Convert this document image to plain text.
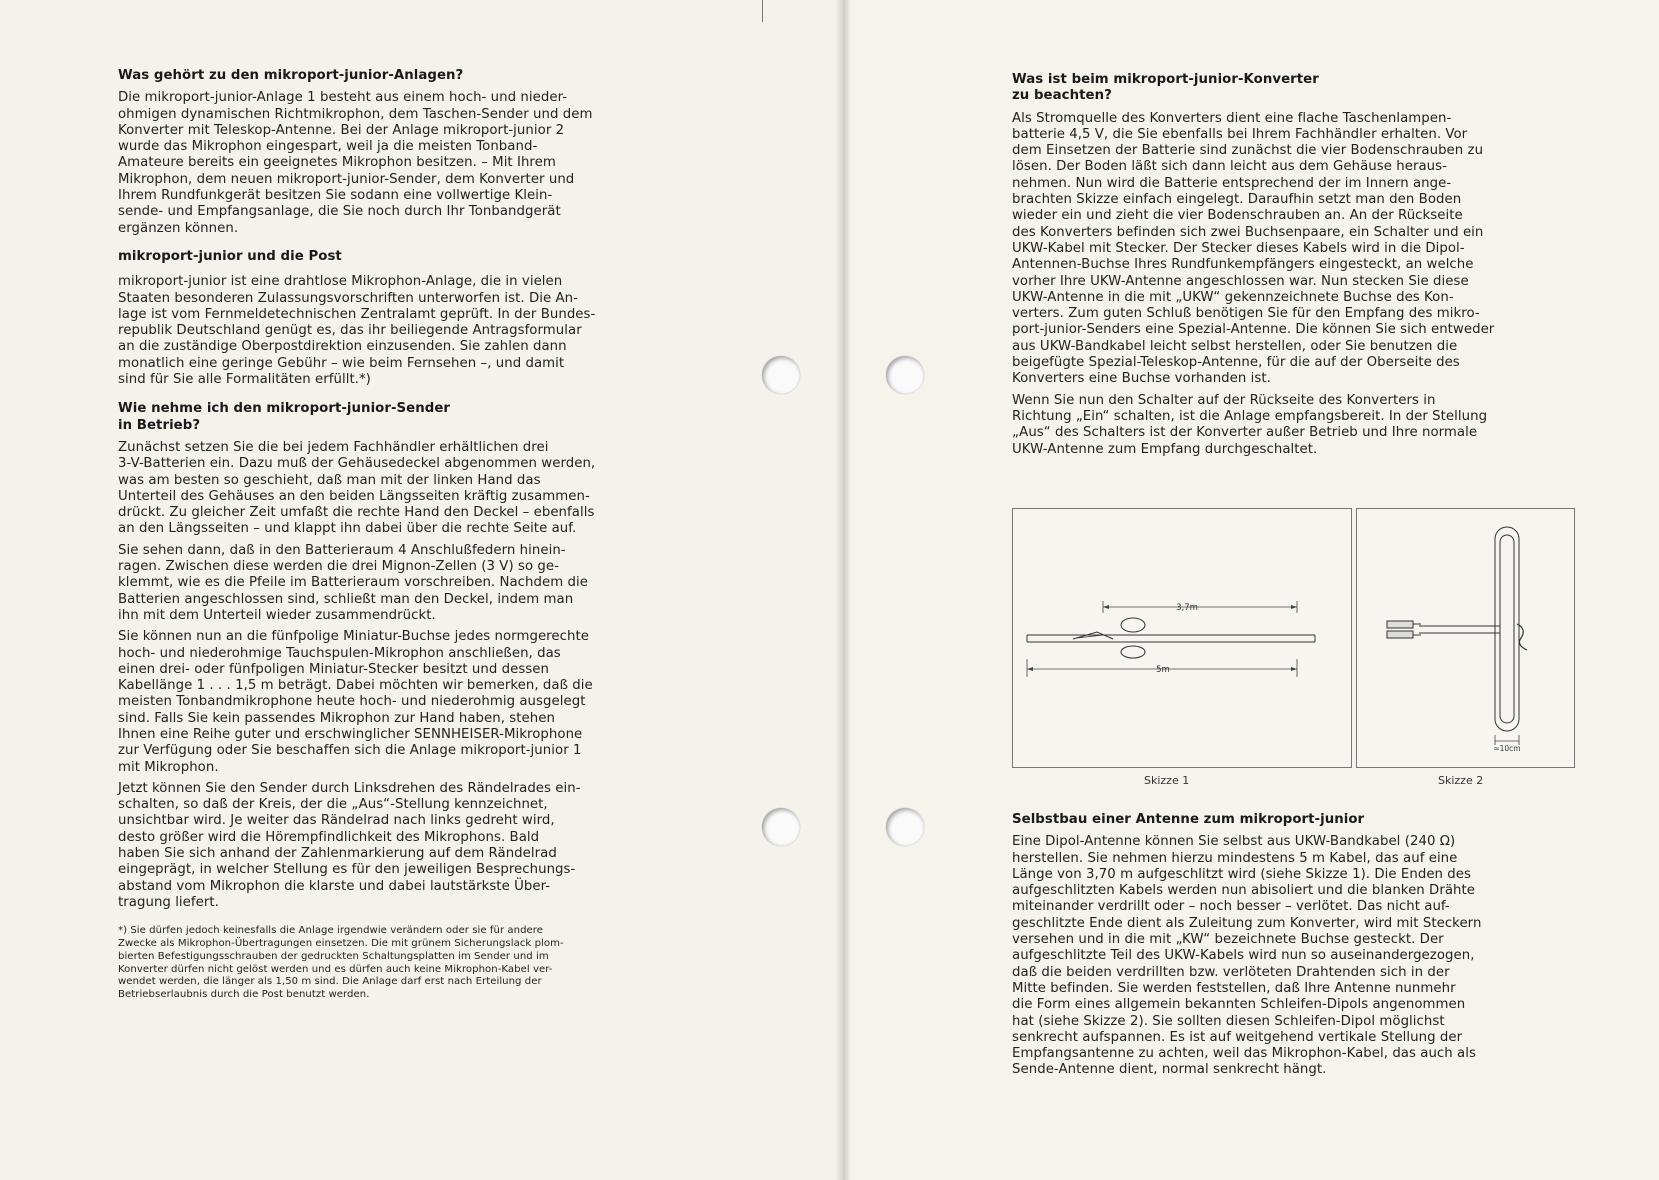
Was gehört zu den mikroport-junior-Anlagen?
Die mikroport-junior-Anlage 1 besteht aus einem hoch- und nieder-
ohmigen dynamischen Richtmikrophon, dem Taschen-Sender und dem
Konverter mit Teleskop-Antenne. Bei der Anlage mikroport-junior 2
wurde das Mikrophon eingespart, weil ja die meisten Tonband-
Amateure bereits ein geeignetes Mikrophon besitzen. – Mit Ihrem
Mikrophon, dem neuen mikroport-junior-Sender, dem Konverter und
Ihrem Rundfunkgerät besitzen Sie sodann eine vollwertige Klein-
sende- und Empfangsanlage, die Sie noch durch Ihr Tonbandgerät
ergänzen können.
mikroport-junior und die Post
mikroport-junior ist eine drahtlose Mikrophon-Anlage, die in vielen
Staaten besonderen Zulassungsvorschriften unterworfen ist. Die An-
lage ist vom Fernmeldetechnischen Zentralamt geprüft. In der Bundes-
republik Deutschland genügt es, das ihr beiliegende Antragsformular
an die zuständige Oberpostdirektion einzusenden. Sie zahlen dann
monatlich eine geringe Gebühr – wie beim Fernsehen –, und damit
sind für Sie alle Formalitäten erfüllt.*)
Wie nehme ich den mikroport-junior-Sender
in Betrieb?
Zunächst setzen Sie die bei jedem Fachhändler erhältlichen drei
3-V-Batterien ein. Dazu muß der Gehäusedeckel abgenommen werden,
was am besten so geschieht, daß man mit der linken Hand das
Unterteil des Gehäuses an den beiden Längsseiten kräftig zusammen-
drückt. Zu gleicher Zeit umfaßt die rechte Hand den Deckel – ebenfalls
an den Längsseiten – und klappt ihn dabei über die rechte Seite auf.
Sie sehen dann, daß in den Batterieraum 4 Anschlußfedern hinein-
ragen. Zwischen diese werden die drei Mignon-Zellen (3 V) so ge-
klemmt, wie es die Pfeile im Batterieraum vorschreiben. Nachdem die
Batterien angeschlossen sind, schließt man den Deckel, indem man
ihn mit dem Unterteil wieder zusammendrückt.
Sie können nun an die fünfpolige Miniatur-Buchse jedes normgerechte
hoch- und niederohmige Tauchspulen-Mikrophon anschließen, das
einen drei- oder fünfpoligen Miniatur-Stecker besitzt und dessen
Kabellänge 1 . . . 1,5 m beträgt. Dabei möchten wir bemerken, daß die
meisten Tonbandmikrophone heute hoch- und niederohmig ausgelegt
sind. Falls Sie kein passendes Mikrophon zur Hand haben, stehen
Ihnen eine Reihe guter und erschwinglicher SENNHEISER-Mikrophone
zur Verfügung oder Sie beschaffen sich die Anlage mikroport-junior 1
mit Mikrophon.
Jetzt können Sie den Sender durch Linksdrehen des Rändelrades ein-
schalten, so daß der Kreis, der die „Aus“-Stellung kennzeichnet,
unsichtbar wird. Je weiter das Rändelrad nach links gedreht wird,
desto größer wird die Hörempfindlichkeit des Mikrophons. Bald
haben Sie sich anhand der Zahlenmarkierung auf dem Rändelrad
eingeprägt, in welcher Stellung es für den jeweiligen Besprechungs-
abstand vom Mikrophon die klarste und dabei lautstärkste Über-
tragung liefert.
*) Sie dürfen jedoch keinesfalls die Anlage irgendwie verändern oder sie für andere
Zwecke als Mikrophon-Übertragungen einsetzen. Die mit grünem Sicherungslack plom-
bierten Befestigungsschrauben der gedruckten Schaltungsplatten im Sender und im
Konverter dürfen nicht gelöst werden und es dürfen auch keine Mikrophon-Kabel ver-
wendet werden, die länger als 1,50 m sind. Die Anlage darf erst nach Erteilung der
Betriebserlaubnis durch die Post benutzt werden.
Was ist beim mikroport-junior-Konverter
zu beachten?
Als Stromquelle des Konverters dient eine flache Taschenlampen-
batterie 4,5 V, die Sie ebenfalls bei Ihrem Fachhändler erhalten. Vor
dem Einsetzen der Batterie sind zunächst die vier Bodenschrauben zu
lösen. Der Boden läßt sich dann leicht aus dem Gehäuse heraus-
nehmen. Nun wird die Batterie entsprechend der im Innern ange-
brachten Skizze einfach eingelegt. Daraufhin setzt man den Boden
wieder ein und zieht die vier Bodenschrauben an. An der Rückseite
des Konverters befinden sich zwei Buchsenpaare, ein Schalter und ein
UKW-Kabel mit Stecker. Der Stecker dieses Kabels wird in die Dipol-
Antennen-Buchse Ihres Rundfunkempfängers eingesteckt, an welche
vorher Ihre UKW-Antenne angeschlossen war. Nun stecken Sie diese
UKW-Antenne in die mit „UKW“ gekennzeichnete Buchse des Kon-
verters. Zum guten Schluß benötigen Sie für den Empfang des mikro-
port-junior-Senders eine Spezial-Antenne. Die können Sie sich entweder
aus UKW-Bandkabel leicht selbst herstellen, oder Sie benutzen die
beigefügte Spezial-Teleskop-Antenne, für die auf der Oberseite des
Konverters eine Buchse vorhanden ist.
Wenn Sie nun den Schalter auf der Rückseite des Konverters in
Richtung „Ein“ schalten, ist die Anlage empfangsbereit. In der Stellung
„Aus“ des Schalters ist der Konverter außer Betrieb und Ihre normale
UKW-Antenne zum Empfang durchgeschaltet.
3,7m
5m
≈10cm
Skizze 1	Skizze 2
Selbstbau einer Antenne zum mikroport-junior
Eine Dipol-Antenne können Sie selbst aus UKW-Bandkabel (240 Ω)
herstellen. Sie nehmen hierzu mindestens 5 m Kabel, das auf eine
Länge von 3,70 m aufgeschlitzt wird (siehe Skizze 1). Die Enden des
aufgeschlitzten Kabels werden nun abisoliert und die blanken Drähte
miteinander verdrillt oder – noch besser – verlötet. Das nicht auf-
geschlitzte Ende dient als Zuleitung zum Konverter, wird mit Steckern
versehen und in die mit „KW“ bezeichnete Buchse gesteckt. Der
aufgeschlitzte Teil des UKW-Kabels wird nun so auseinandergezogen,
daß die beiden verdrillten bzw. verlöteten Drahtenden sich in der
Mitte befinden. Sie werden feststellen, daß Ihre Antenne nunmehr
die Form eines allgemein bekannten Schleifen-Dipols angenommen
hat (siehe Skizze 2). Sie sollten diesen Schleifen-Dipol möglichst
senkrecht aufspannen. Es ist auf weitgehend vertikale Stellung der
Empfangsantenne zu achten, weil das Mikrophon-Kabel, das auch als
Sende-Antenne dient, normal senkrecht hängt.
